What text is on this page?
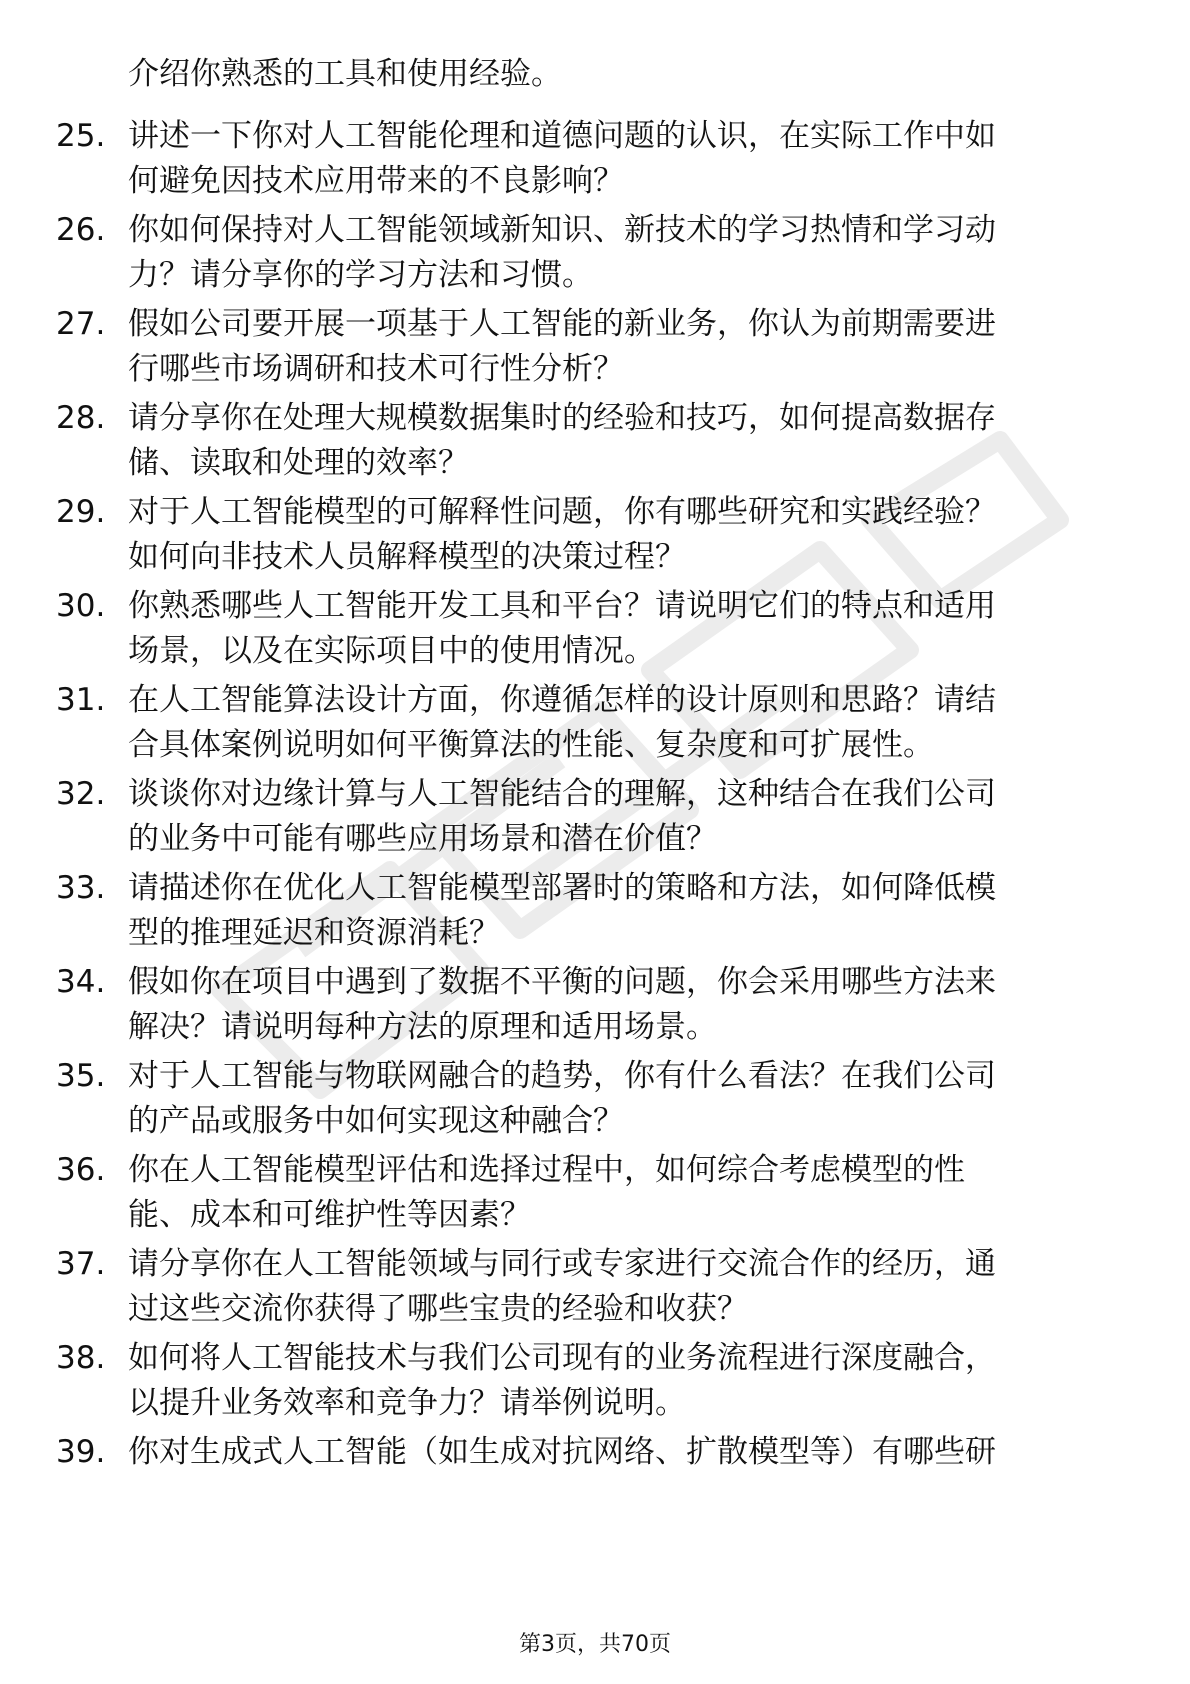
介绍你熟悉的工具和使用经验。
25. 讲述一下你对人工智能伦理和道德问题的认识，在实际工作中如
何避免因技术应用带来的不良影响？
26. 你如何保持对人工智能领域新知识、新技术的学习热情和学习动
力？请分享你的学习方法和习惯。
27. 假如公司要开展一项基于人工智能的新业务，你认为前期需要进
行哪些市场调研和技术可行性分析？
28. 请分享你在处理大规模数据集时的经验和技巧，如何提高数据存
储、读取和处理的效率？
29. 对于人工智能模型的可解释性问题，你有哪些研究和实践经验？
如何向非技术人员解释模型的决策过程？
30. 你熟悉哪些人工智能开发工具和平台？请说明它们的特点和适用
场景，以及在实际项目中的使用情况。
31. 在人工智能算法设计方面，你遵循怎样的设计原则和思路？请结
合具体案例说明如何平衡算法的性能、复杂度和可扩展性。
32. 谈谈你对边缘计算与人工智能结合的理解，这种结合在我们公司
的业务中可能有哪些应用场景和潜在价值？
33. 请描述你在优化人工智能模型部署时的策略和方法，如何降低模
型的推理延迟和资源消耗？
34. 假如你在项目中遇到了数据不平衡的问题，你会采用哪些方法来
解决？请说明每种方法的原理和适用场景。
35. 对于人工智能与物联网融合的趋势，你有什么看法？在我们公司
的产品或服务中如何实现这种融合？
36. 你在人工智能模型评估和选择过程中，如何综合考虑模型的性
能、成本和可维护性等因素？
37. 请分享你在人工智能领域与同行或专家进行交流合作的经历，通
过这些交流你获得了哪些宝贵的经验和收获？
38. 如何将人工智能技术与我们公司现有的业务流程进行深度融合，
以提升业务效率和竞争力？请举例说明。
39. 你对生成式人工智能（如生成对抗网络、扩散模型等）有哪些研
第3页，共70页
